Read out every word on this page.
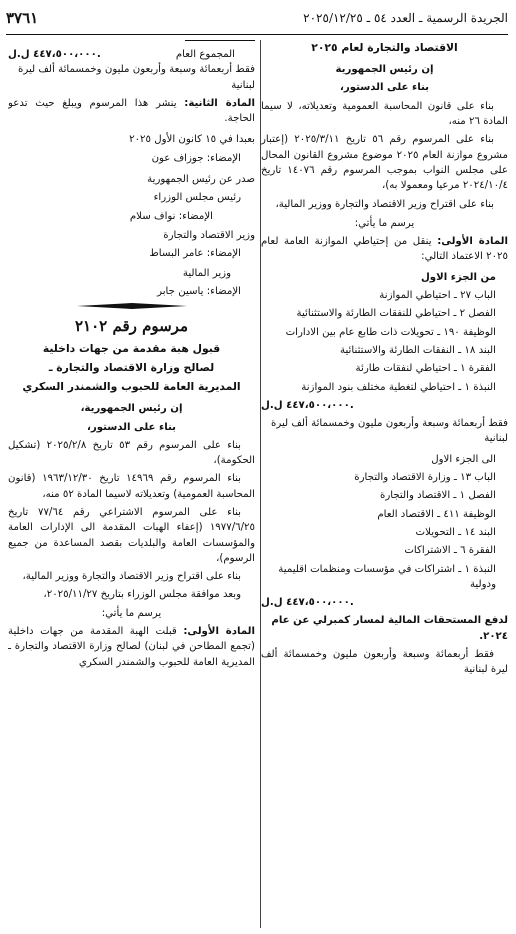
الجريدة الرسمية ـ العدد ٥٤ ـ ٢٠٢٥/١٢/٢٥
٣٧٦١

الاقتصاد والتجارة لعام ٢٠٢٥

إن رئيس الجمهورية

بناء على الدستور،

بناء على قانون المحاسبة العمومية وتعديلاته، لا سيما المادة ٢٦ منه،

بناء على المرسوم رقم ٥٦ تاريخ ٢٠٢٥/٣/١١ (إعتبار مشروع موازنة العام ٢٠٢٥ موضوع مشروع القانون المحال على مجلس النواب بموجب المرسوم رقم ١٤٠٧٦ تاريخ ٢٠٢٤/١٠/٤ مرعيا ومعمولا به)،

بناء على اقتراح وزير الاقتصاد والتجارة ووزير المالية،

يرسم ما يأتي:

المادة الأولى: ينقل من إحتياطي الموازنة العامة لعام ٢٠٢٥ الاعتماد التالي:

من الجزء الاول

الباب ٢٧ ـ احتياطي الموازنة

الفصل ٢ ـ احتياطي للنفقات الطارئة والاستثنائية

الوظيفة ١٩٠ ـ تحويلات ذات طابع عام بين الادارات

البند ١٨ ـ النفقات الطارئة والاستثنائية

الفقرة ١ ـ احتياطي لنفقات طارئة

النبذة ١ ـ احتياطي لتغطية مختلف بنود الموازنة

٤٤٧،٥٠٠،٠٠٠ ل.ل.

فقط أربعمائة وسبعة وأربعون مليون وخمسمائة ألف ليرة لبنانية

الى الجزء الاول

الباب ١٣ ـ وزارة الاقتصاد والتجارة

الفصل ١ ـ الاقتصاد والتجارة

الوظيفة ٤١١ ـ الاقتصاد العام

البند ١٤ ـ التحويلات

الفقرة ٦ ـ الاشتراكات

النبذة ١ ـ اشتراكات في مؤسسات ومنظمات اقليمية ودولية

٤٤٧،٥٠٠،٠٠٠ ل.ل.

لدفع المستحقات المالية لمسار كمبرلي عن عام ٢٠٢٤.

فقط أربعمائة وسبعة وأربعون مليون وخمسمائة ألف ليرة لبنانية

المجموع العام
٤٤٧،٥٠٠،٠٠٠ ل.ل.

فقط أربعمائة وسبعة وأربعون مليون وخمسمائة ألف ليرة لبنانية

المادة الثانية: ينشر هذا المرسوم ويبلغ حيث تدعو الحاجة.

بعبدا في ١٥ كانون الأول ٢٠٢٥

الإمضاء: جوزاف عون

صدر عن رئيس الجمهورية

رئيس مجلس الوزراء

الإمضاء: نواف سلام

وزير الاقتصاد والتجارة

الإمضاء: عامر البساط

وزير المالية

الإمضاء: ياسين جابر

مرسوم رقم ٢١٠٢

قبول هبة مقدمة من جهات داخلية

لصالح وزارة الاقتصاد والتجارة ـ

المديرية العامة للحبوب والشمندر السكري

إن رئيس الجمهورية،

بناء على الدستور،

بناء على المرسوم رقم ٥٣ تاريخ ٢٠٢٥/٢/٨ (تشكيل الحكومة)،

بناء المرسوم رقم ١٤٩٦٩ تاريخ ١٩٦٣/١٢/٣٠ (قانون المحاسبة العمومية) وتعديلاته لاسيما المادة ٥٢ منه،

بناء على المرسوم الاشتراعي رقم ٧٧/٦٤ تاريخ ١٩٧٧/٦/٢٥ (إعفاء الهبات المقدمة الى الإدارات العامة والمؤسسات العامة والبلديات بقصد المساعدة من جميع الرسوم)،

بناء على اقتراح وزير الاقتصاد والتجارة ووزير المالية،

وبعد موافقة مجلس الوزراء بتاريخ ٢٠٢٥/١١/٢٧،

يرسم ما يأتي:

المادة الأولى: قبلت الهبة المقدمة من جهات داخلية (تجمع المطاحن في لبنان) لصالح وزارة الاقتصاد والتجارة ـ المديرية العامة للحبوب والشمندر السكري
